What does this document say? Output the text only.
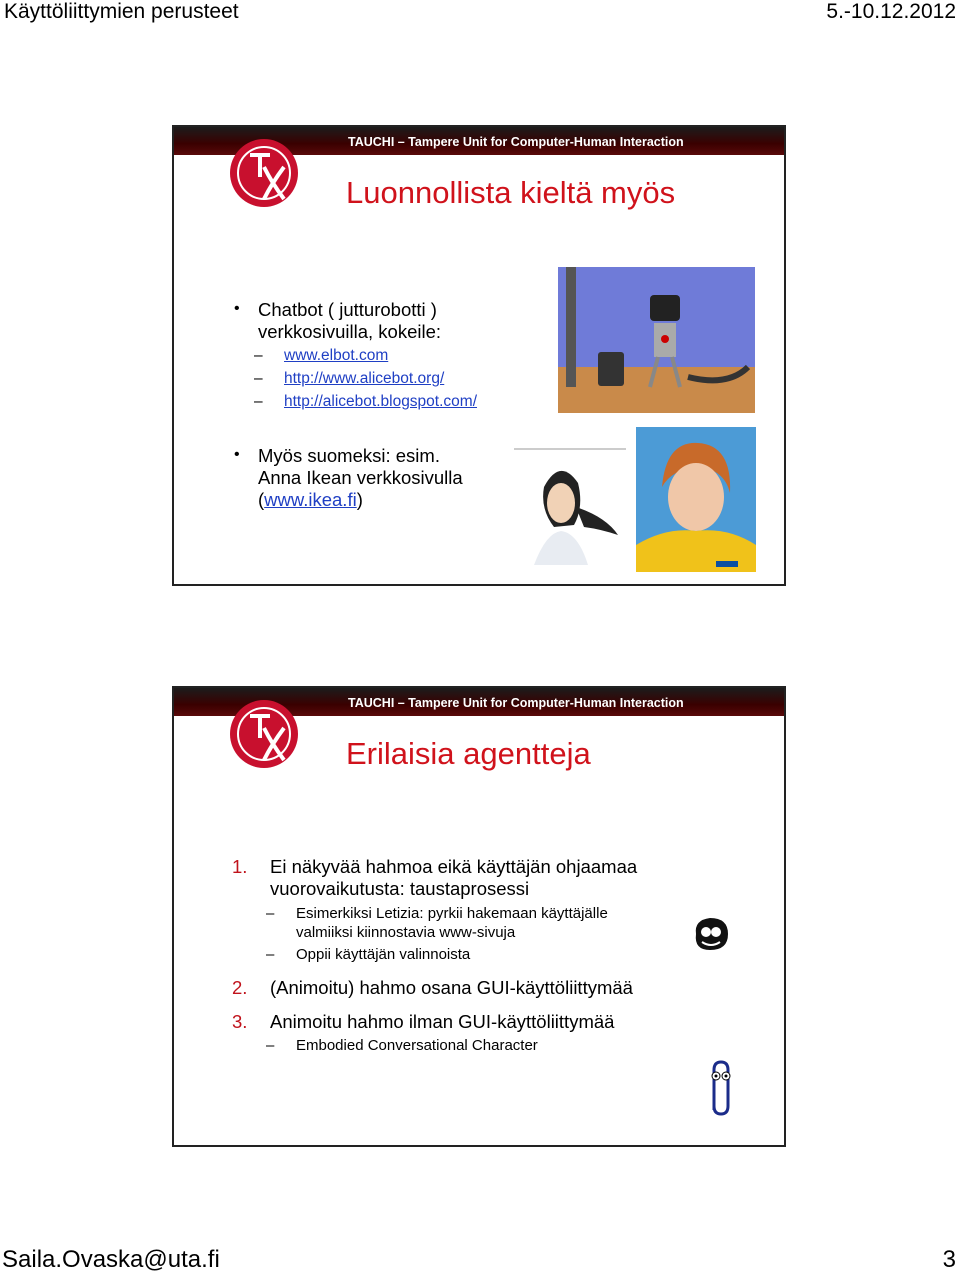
Käyttöliittymien perusteet	5.-10.12.2012
TAUCHI – Tampere Unit for Computer-Human Interaction
Luonnollista kieltä myös
• Chatbot ( jutturobotti )
verkkosivuilla, kokeile:
– www.elbot.com
– http://www.alicebot.org/
– http://alicebot.blogspot.com/
• Myös suomeksi: esim.
Anna Ikean verkkosivulla
(www.ikea.fi)
TAUCHI – Tampere Unit for Computer-Human Interaction
Erilaisia agentteja
1. Ei näkyvää hahmoa eikä käyttäjän ohjaamaa
vuorovaikutusta: taustaprosessi
– Esimerkiksi Letizia: pyrkii hakemaan käyttäjälle
valmiiksi kiinnostavia www-sivuja
– Oppii käyttäjän valinnoista
2. (Animoitu) hahmo osana GUI-käyttöliittymää
3. Animoitu hahmo ilman GUI-käyttöliittymää
– Embodied Conversational Character
Saila.Ovaska@uta.fi	3
